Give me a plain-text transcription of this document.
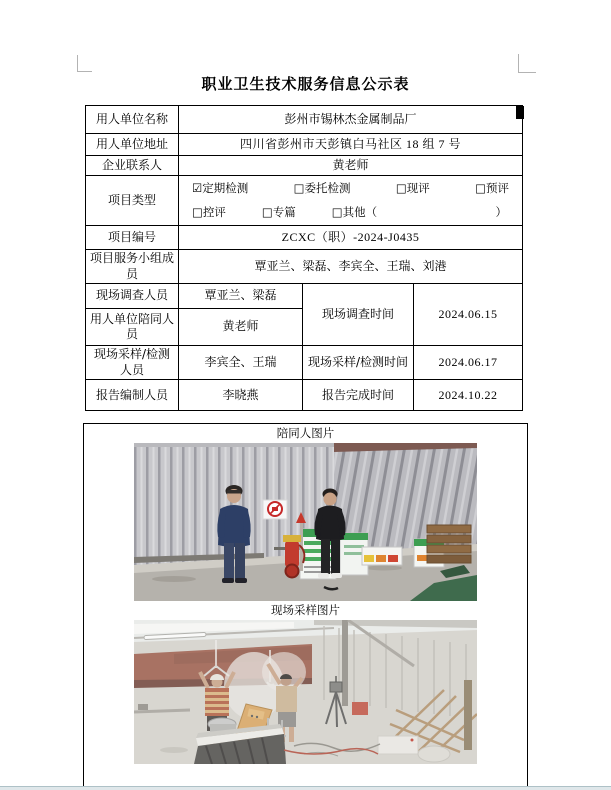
职业卫生技术服务信息公示表
用人单位名称	彭州市锡林杰金属制品厂		
用人单位地址	四川省彭州市天彭镇白马社区 18 组 7 号		
企业联系人	黄老师		
项目类型	
☑定期检测	□委托检测	□现评	□预评
□控评	□专篇	□其他（	）

项目编号	ZCXC（职）-2024-J0435		
项目服务小组成员	覃亚兰、梁磊、李宾全、王瑞、刘港		
现场调查人员	覃亚兰、梁磊	现场调查时间	2024.06.15
用人单位陪同人员	黄老师		
现场采样/检测人员	李宾全、王瑞	现场采样/检测时间	2024.06.17
报告编制人员	李晓燕	报告完成时间	2024.10.22
陪同人图片
现场采样图片
